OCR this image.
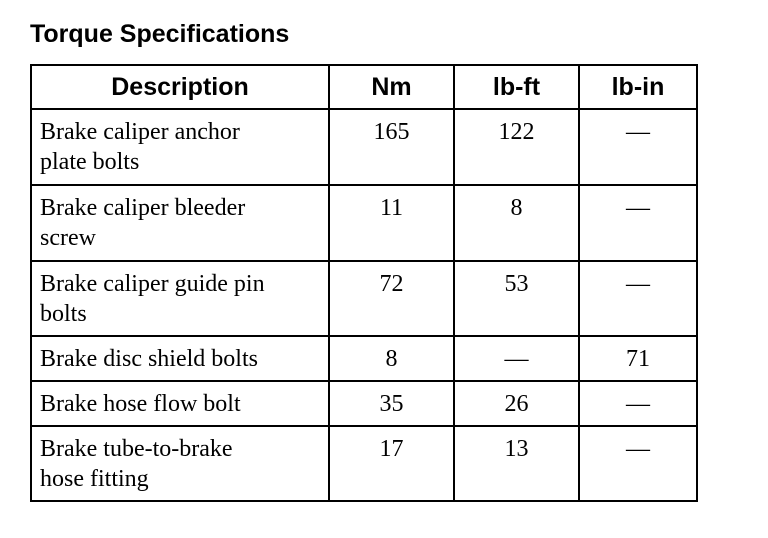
Torque Specifications
Description	Nm	lb-ft	lb-in
Brake caliper anchor
plate bolts	165	122	—
Brake caliper bleeder
screw	11	8	—
Brake caliper guide pin
bolts	72	53	—
Brake disc shield bolts	8	—	71
Brake hose flow bolt	35	26	—
Brake tube-to-brake
hose fitting	17	13	—
